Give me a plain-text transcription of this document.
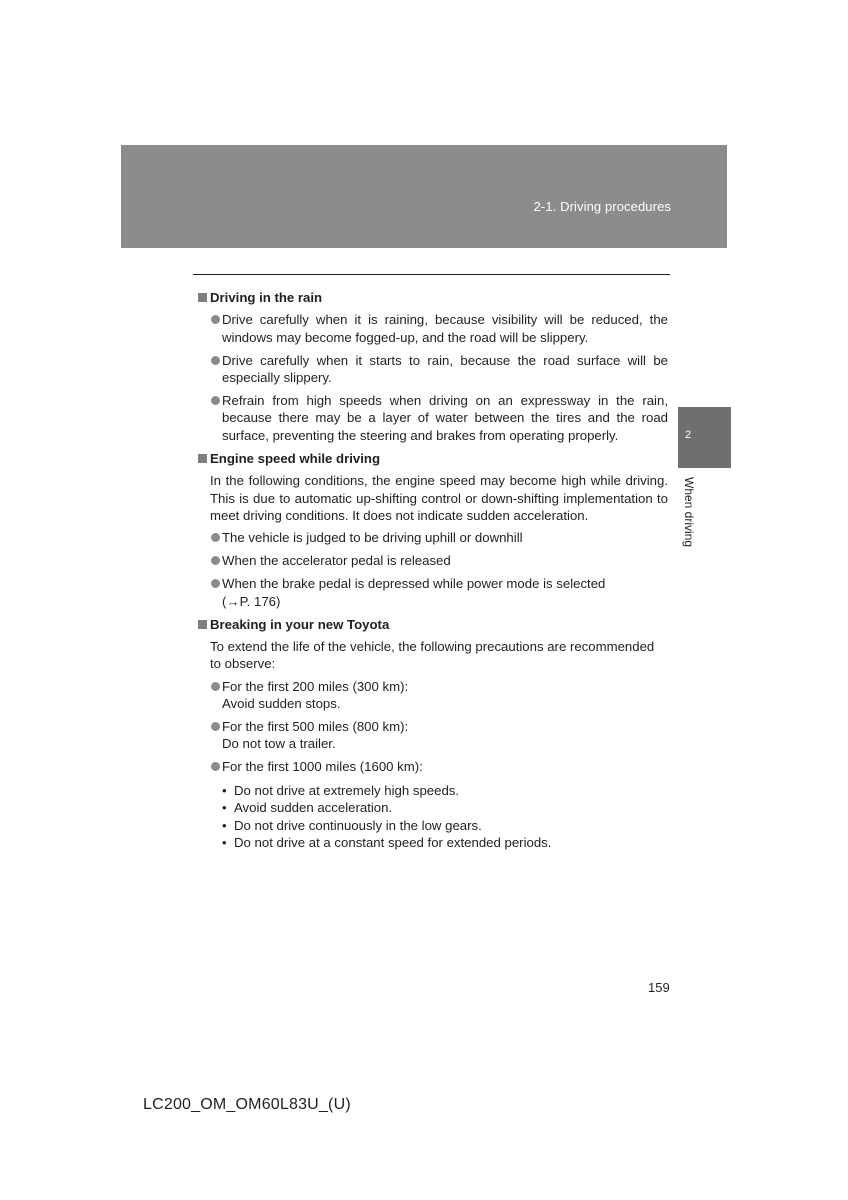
2-1. Driving procedures
2
When driving
Driving in the rain
Drive carefully when it is raining, because visibility will be reduced, the windows may become fogged-up, and the road will be slippery.
Drive carefully when it starts to rain, because the road surface will be especially slippery.
Refrain from high speeds when driving on an expressway in the rain, because there may be a layer of water between the tires and the road surface, preventing the steering and brakes from operating properly.
Engine speed while driving
In the following conditions, the engine speed may become high while driving. This is due to automatic up-shifting control or down-shifting implementation to meet driving conditions. It does not indicate sudden acceleration.
The vehicle is judged to be driving uphill or downhill
When the accelerator pedal is released
When the brake pedal is depressed while power mode is selected
(→P. 176)
Breaking in your new Toyota
To extend the life of the vehicle, the following precautions are recommended to observe:
For the first 200 miles (300 km):
Avoid sudden stops.
For the first 500 miles (800 km):
Do not tow a trailer.
For the first 1000 miles (1600 km):
• Do not drive at extremely high speeds.
• Avoid sudden acceleration.
• Do not drive continuously in the low gears.
• Do not drive at a constant speed for extended periods.
159
LC200_OM_OM60L83U_(U)
